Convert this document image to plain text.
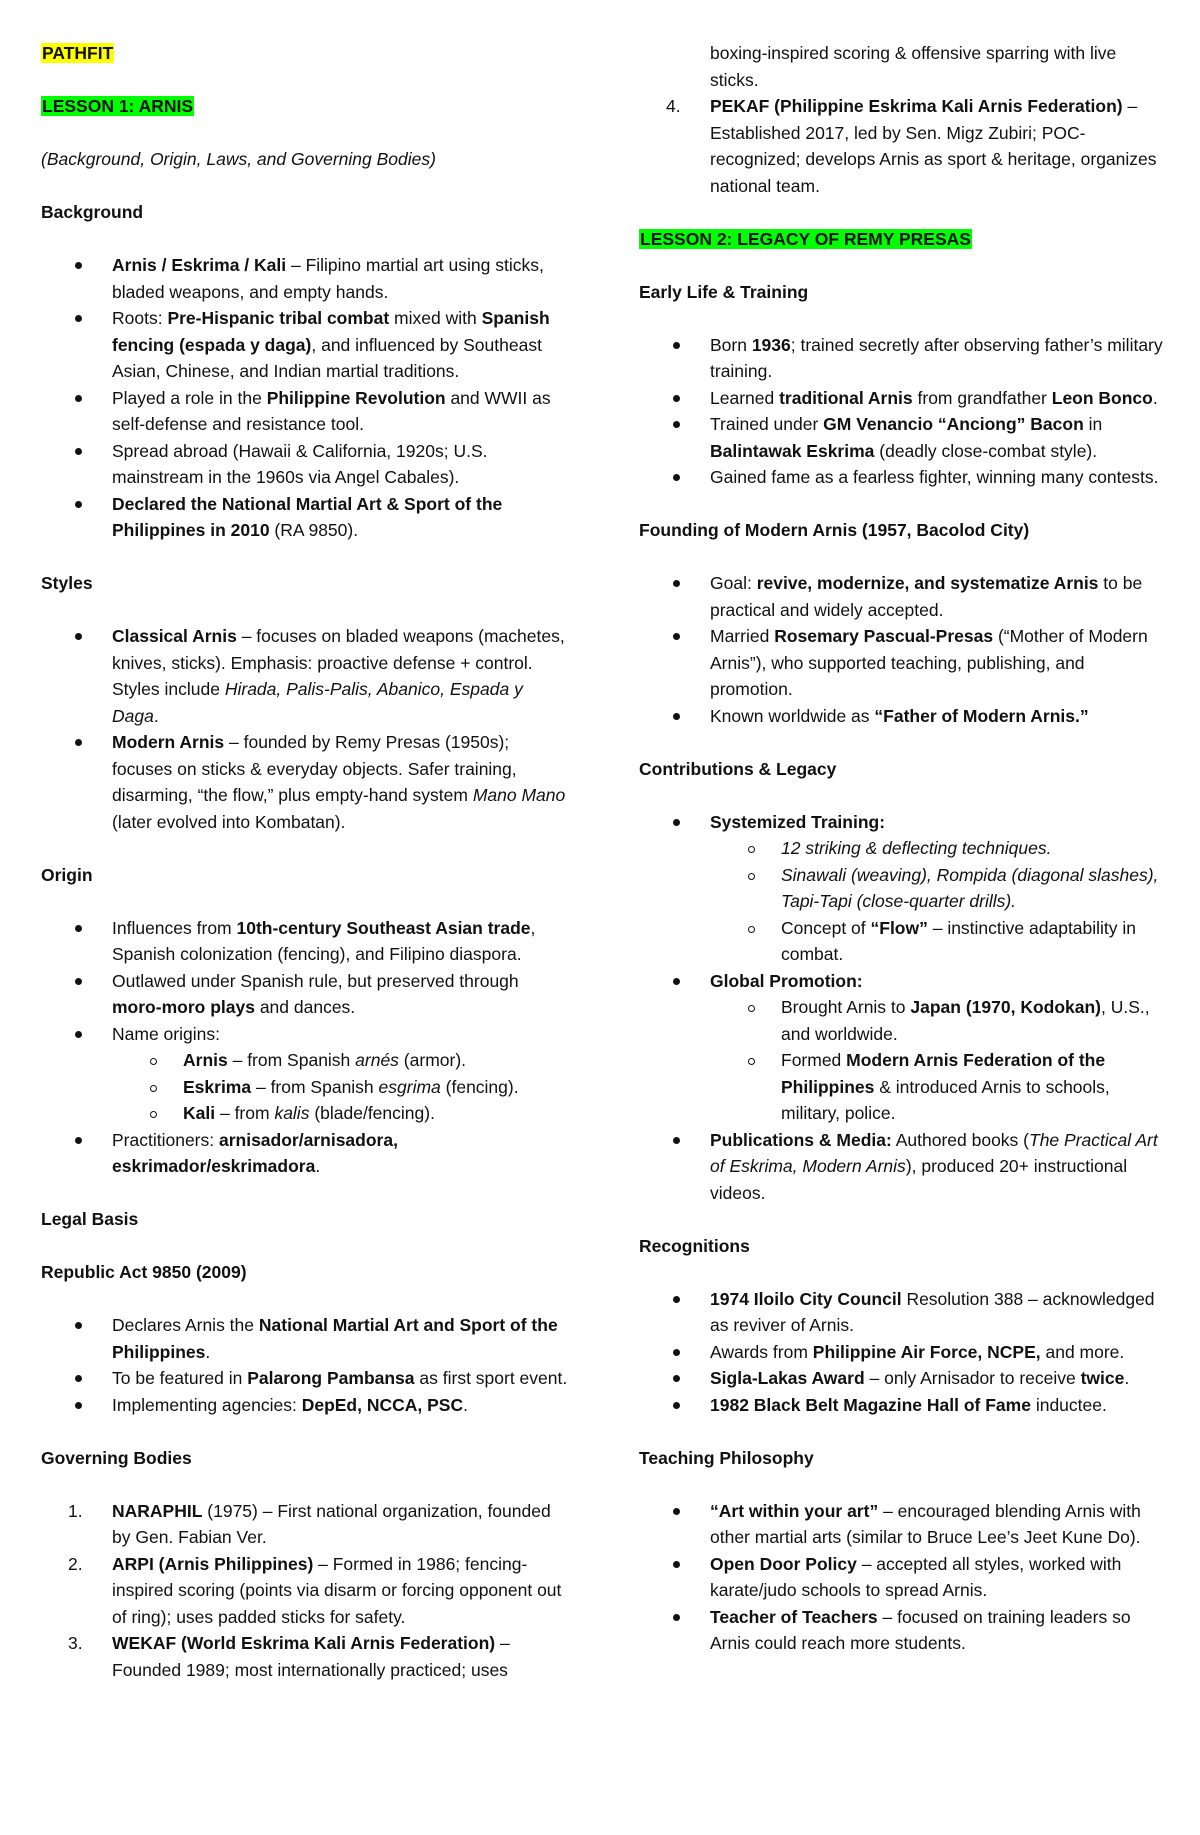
PATHFIT

LESSON 1: ARNIS

(Background, Origin, Laws, and Governing Bodies)

Background

Arnis / Eskrima / Kali – Filipino martial art using sticks, bladed weapons, and empty hands.
Roots: Pre-Hispanic tribal combat mixed with Spanish fencing (espada y daga), and influenced by Southeast Asian, Chinese, and Indian martial traditions.
Played a role in the Philippine Revolution and WWII as self-defense and resistance tool.
Spread abroad (Hawaii & California, 1920s; U.S. mainstream in the 1960s via Angel Cabales).
Declared the National Martial Art & Sport of the Philippines in 2010 (RA 9850).

Styles

Classical Arnis – focuses on bladed weapons (machetes, knives, sticks). Emphasis: proactive defense + control. Styles include Hirada, Palis-Palis, Abanico, Espada y Daga.
Modern Arnis – founded by Remy Presas (1950s); focuses on sticks & everyday objects. Safer training, disarming, “the flow,” plus empty-hand system Mano Mano (later evolved into Kombatan).

Origin

Influences from 10th-century Southeast Asian trade, Spanish colonization (fencing), and Filipino diaspora.
Outlawed under Spanish rule, but preserved through moro-moro plays and dances.
Name origins:
Arnis – from Spanish arnés (armor).
Eskrima – from Spanish esgrima (fencing).
Kali – from kalis (blade/fencing).
Practitioners: arnisador/arnisadora, eskrimador/eskrimadora.

Legal Basis

Republic Act 9850 (2009)

Declares Arnis the National Martial Art and Sport of the Philippines.
To be featured in Palarong Pambansa as first sport event.
Implementing agencies: DepEd, NCCA, PSC.

Governing Bodies

1. NARAPHIL (1975) – First national organization, founded by Gen. Fabian Ver.
2. ARPI (Arnis Philippines) – Formed in 1986; fencing-inspired scoring (points via disarm or forcing opponent out of ring); uses padded sticks for safety.
3. WEKAF (World Eskrima Kali Arnis Federation) – Founded 1989; most internationally practiced; uses
boxing-inspired scoring & offensive sparring with live sticks.
4. PEKAF (Philippine Eskrima Kali Arnis Federation) – Established 2017, led by Sen. Migz Zubiri; POC-recognized; develops Arnis as sport & heritage, organizes national team.

LESSON 2: LEGACY OF REMY PRESAS

Early Life & Training

Born 1936; trained secretly after observing father’s military training.
Learned traditional Arnis from grandfather Leon Bonco.
Trained under GM Venancio “Anciong” Bacon in Balintawak Eskrima (deadly close-combat style).
Gained fame as a fearless fighter, winning many contests.

Founding of Modern Arnis (1957, Bacolod City)

Goal: revive, modernize, and systematize Arnis to be practical and widely accepted.
Married Rosemary Pascual-Presas (“Mother of Modern Arnis”), who supported teaching, publishing, and promotion.
Known worldwide as “Father of Modern Arnis.”

Contributions & Legacy

Systemized Training:
12 striking & deflecting techniques.
Sinawali (weaving), Rompida (diagonal slashes), Tapi-Tapi (close-quarter drills).
Concept of “Flow” – instinctive adaptability in combat.
Global Promotion:
Brought Arnis to Japan (1970, Kodokan), U.S., and worldwide.
Formed Modern Arnis Federation of the Philippines & introduced Arnis to schools, military, police.
Publications & Media: Authored books (The Practical Art of Eskrima, Modern Arnis), produced 20+ instructional videos.

Recognitions

1974 Iloilo City Council Resolution 388 – acknowledged as reviver of Arnis.
Awards from Philippine Air Force, NCPE, and more.
Sigla-Lakas Award – only Arnisador to receive twice.
1982 Black Belt Magazine Hall of Fame inductee.

Teaching Philosophy

“Art within your art” – encouraged blending Arnis with other martial arts (similar to Bruce Lee’s Jeet Kune Do).
Open Door Policy – accepted all styles, worked with karate/judo schools to spread Arnis.
Teacher of Teachers – focused on training leaders so Arnis could reach more students.
